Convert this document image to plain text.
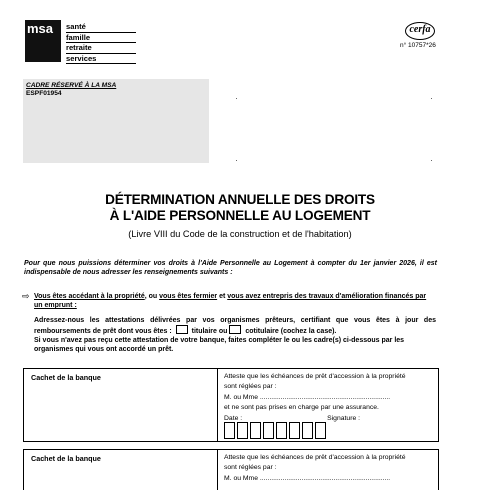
msa santé
famille
retraite
services
cerfa
n° 10757*26
CADRE RÉSERVÉ À LA MSA
ESPF01954
DÉTERMINATION ANNUELLE DES DROITS
À L'AIDE PERSONNELLE AU LOGEMENT
(Livre VIII du Code de la construction et de l'habitation)
Pour que nous puissions déterminer vos droits à l'Aide Personnelle au Logement à compter du 1er janvier 2026, il est indispensable de nous adresser les renseignements suivants :
⇨ Vous êtes accédant à la propriété, ou vous êtes fermier et vous avez entrepris des travaux d'amélioration financés par un emprunt :
Adressez-nous les attestations délivrées par vos organismes prêteurs, certifiant que vous êtes à jour des remboursements de prêt dont vous êtes :	titulaire ou	cotitulaire (cochez la case).
Si vous n'avez pas reçu cette attestation de votre banque, faites compléter le ou les cadre(s) ci-dessous par les organismes qui vous ont accordé un prêt.
Cachet de la banque	Atteste que les échéances de prêt d'accession à la propriété
sont réglées par :
M. ou Mme .....................................................................
et ne sont pas prises en charge par une assurance.
Date :	Signature :
Cachet de la banque	Atteste que les échéances de prêt d'accession à la propriété
sont réglées par :
M. ou Mme .....................................................................
